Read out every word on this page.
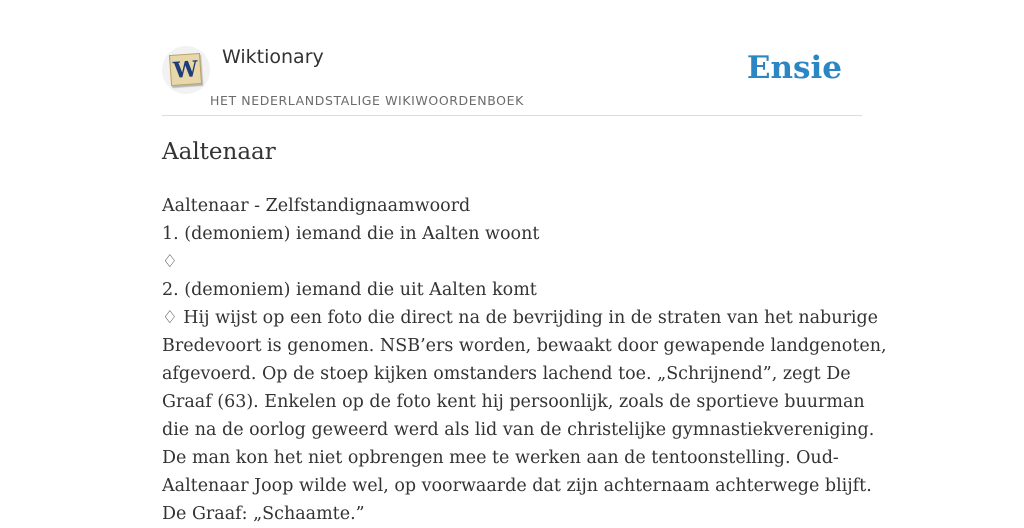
W Wiktionary
HET NEDERLANDSTALIGE WIKIWOORDENBOEK
Ensie
Aaltenaar
Aaltenaar - Zelfstandignaamwoord
1. (demoniem) iemand die in Aalten woont
♢
2. (demoniem) iemand die uit Aalten komt
♢ Hij wijst op een foto die direct na de bevrijding in de straten van het naburige
Bredevoort is genomen. NSB’ers worden, bewaakt door gewapende landgenoten,
afgevoerd. Op de stoep kijken omstanders lachend toe. „Schrijnend”, zegt De
Graaf (63). Enkelen op de foto kent hij persoonlijk, zoals de sportieve buurman
die na de oorlog geweerd werd als lid van de christelijke gymnastiekvereniging.
De man kon het niet opbrengen mee te werken aan de tentoonstelling. Oud-
Aaltenaar Joop wilde wel, op voorwaarde dat zijn achternaam achterwege blijft.
De Graaf: „Schaamte.”
